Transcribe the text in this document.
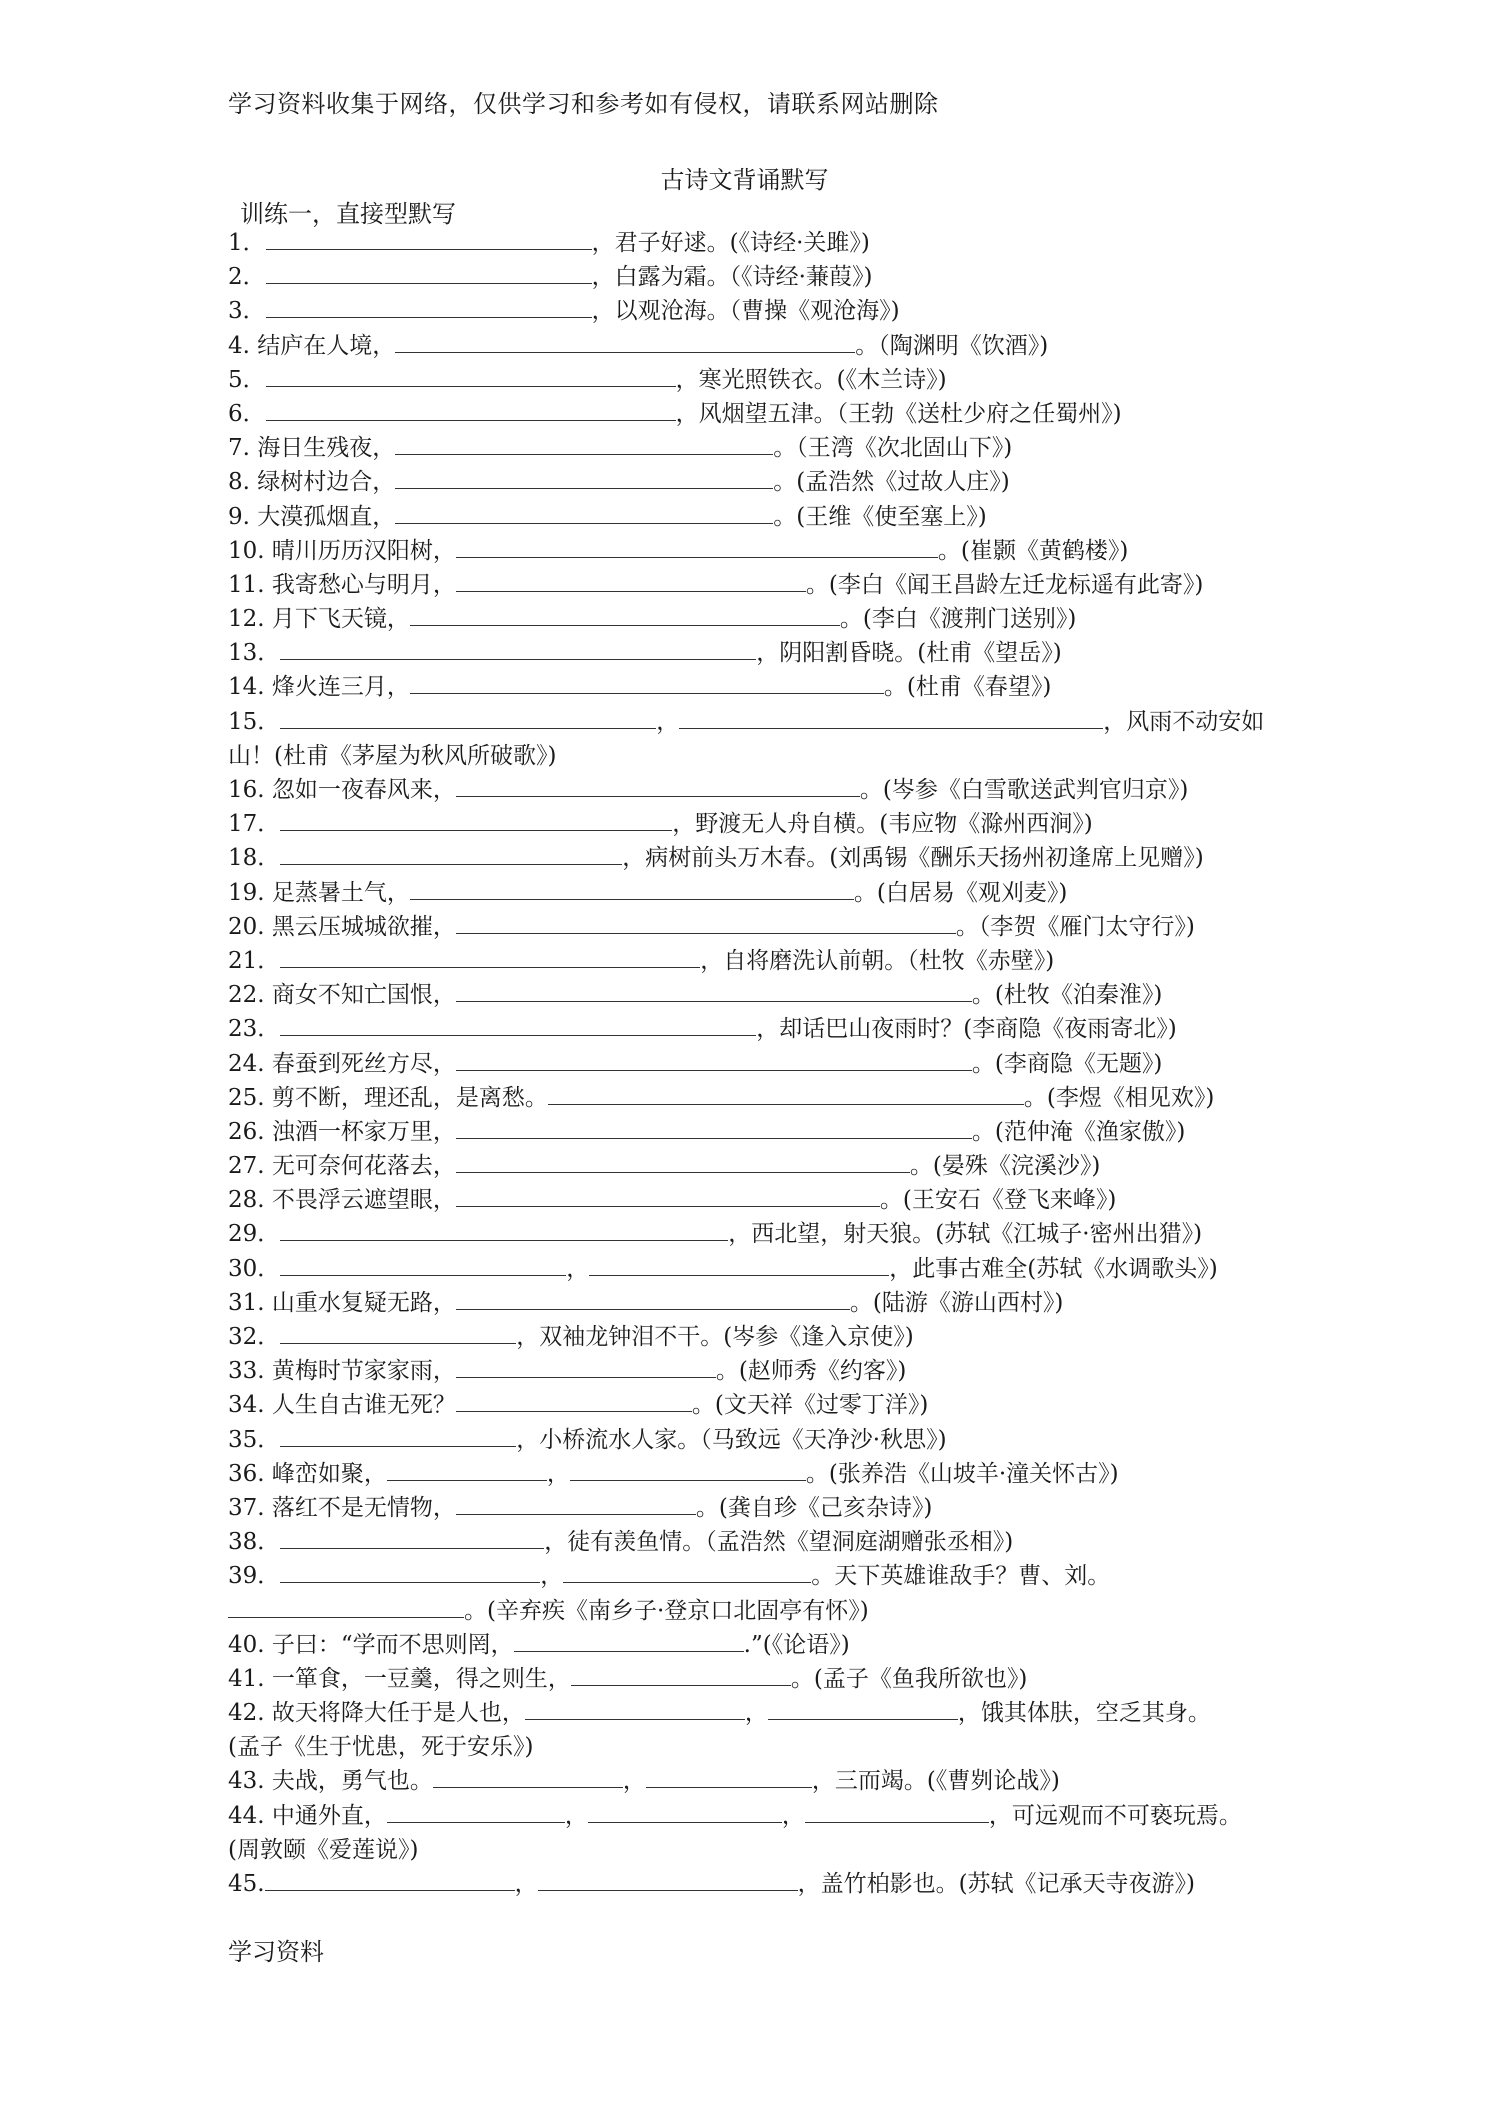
学习资料收集于网络，仅供学习和参考如有侵权，请联系网站删除
古诗文背诵默写
训练一，直接型默写
1．	，君子好逑。(《诗经·关雎》)
2．	，白露为霜。（《诗经·蒹葭》)
3．	，以观沧海。（曹操《观沧海》)
4. 结庐在人境，	。（陶渊明《饮酒》)
5．	，寒光照铁衣。(《木兰诗》)
6．	，风烟望五津。（王勃《送杜少府之任蜀州》)
7. 海日生残夜，	。（王湾《次北固山下》)
8. 绿树村边合，	。(孟浩然《过故人庄》)
9. 大漠孤烟直，	。(王维《使至塞上》)
10. 晴川历历汉阳树，	。(崔颢《黄鹤楼》)
11. 我寄愁心与明月，	。(李白《闻王昌龄左迁龙标遥有此寄》)
12. 月下飞天镜，	。(李白《渡荆门送别》)
13．	，阴阳割昏晓。(杜甫《望岳》)
14. 烽火连三月，	。(杜甫《春望》)
15．	，	，风雨不动安如
山！(杜甫《茅屋为秋风所破歌》)
16. 忽如一夜春风来，	。(岑参《白雪歌送武判官归京》)
17．	，野渡无人舟自横。(韦应物《滁州西涧》)
18．	，病树前头万木春。(刘禹锡《酬乐天扬州初逢席上见赠》)
19. 足蒸暑土气，	。(白居易《观刈麦》)
20. 黑云压城城欲摧，	。（李贺《雁门太守行》)
21．	，自将磨洗认前朝。（杜牧《赤壁》)
22. 商女不知亡国恨，	。(杜牧《泊秦淮》)
23．	，却话巴山夜雨时？(李商隐《夜雨寄北》)
24. 春蚕到死丝方尽，	。(李商隐《无题》)
25. 剪不断，理还乱，是离愁。	。(李煜《相见欢》)
26. 浊酒一杯家万里，	。(范仲淹《渔家傲》)
27. 无可奈何花落去，	。(晏殊《浣溪沙》)
28. 不畏浮云遮望眼，	。(王安石《登飞来峰》)
29．	，西北望，射天狼。(苏轼《江城子·密州出猎》)
30．	，	，此事古难全(苏轼《水调歌头》)
31. 山重水复疑无路，	。(陆游《游山西村》)
32．	，双袖龙钟泪不干。(岑参《逢入京使》)
33. 黄梅时节家家雨，	。(赵师秀《约客》)
34. 人生自古谁无死？	。(文天祥《过零丁洋》)
35．	，小桥流水人家。（马致远《天净沙·秋思》)
36. 峰峦如聚，	，	。(张养浩《山坡羊·潼关怀古》)
37. 落红不是无情物，	。(龚自珍《己亥杂诗》)
38．	，徒有羡鱼情。（孟浩然《望洞庭湖赠张丞相》)
39．	，	。天下英雄谁敌手？曹、刘。
。(辛弃疾《南乡子·登京口北固亭有怀》)
40. 子曰：“学而不思则罔，	.”(《论语》)
41. 一箪食，一豆羹，得之则生，	。(孟子《鱼我所欲也》)
42. 故天将降大任于是人也，	，	，饿其体肤，空乏其身。
(孟子《生于忧患，死于安乐》)
43. 夫战，勇气也。	，	，三而竭。(《曹刿论战》)
44. 中通外直，	，	，	，可远观而不可亵玩焉。
(周敦颐《爱莲说》)
45.	，	，盖竹柏影也。(苏轼《记承天寺夜游》)
学习资料
